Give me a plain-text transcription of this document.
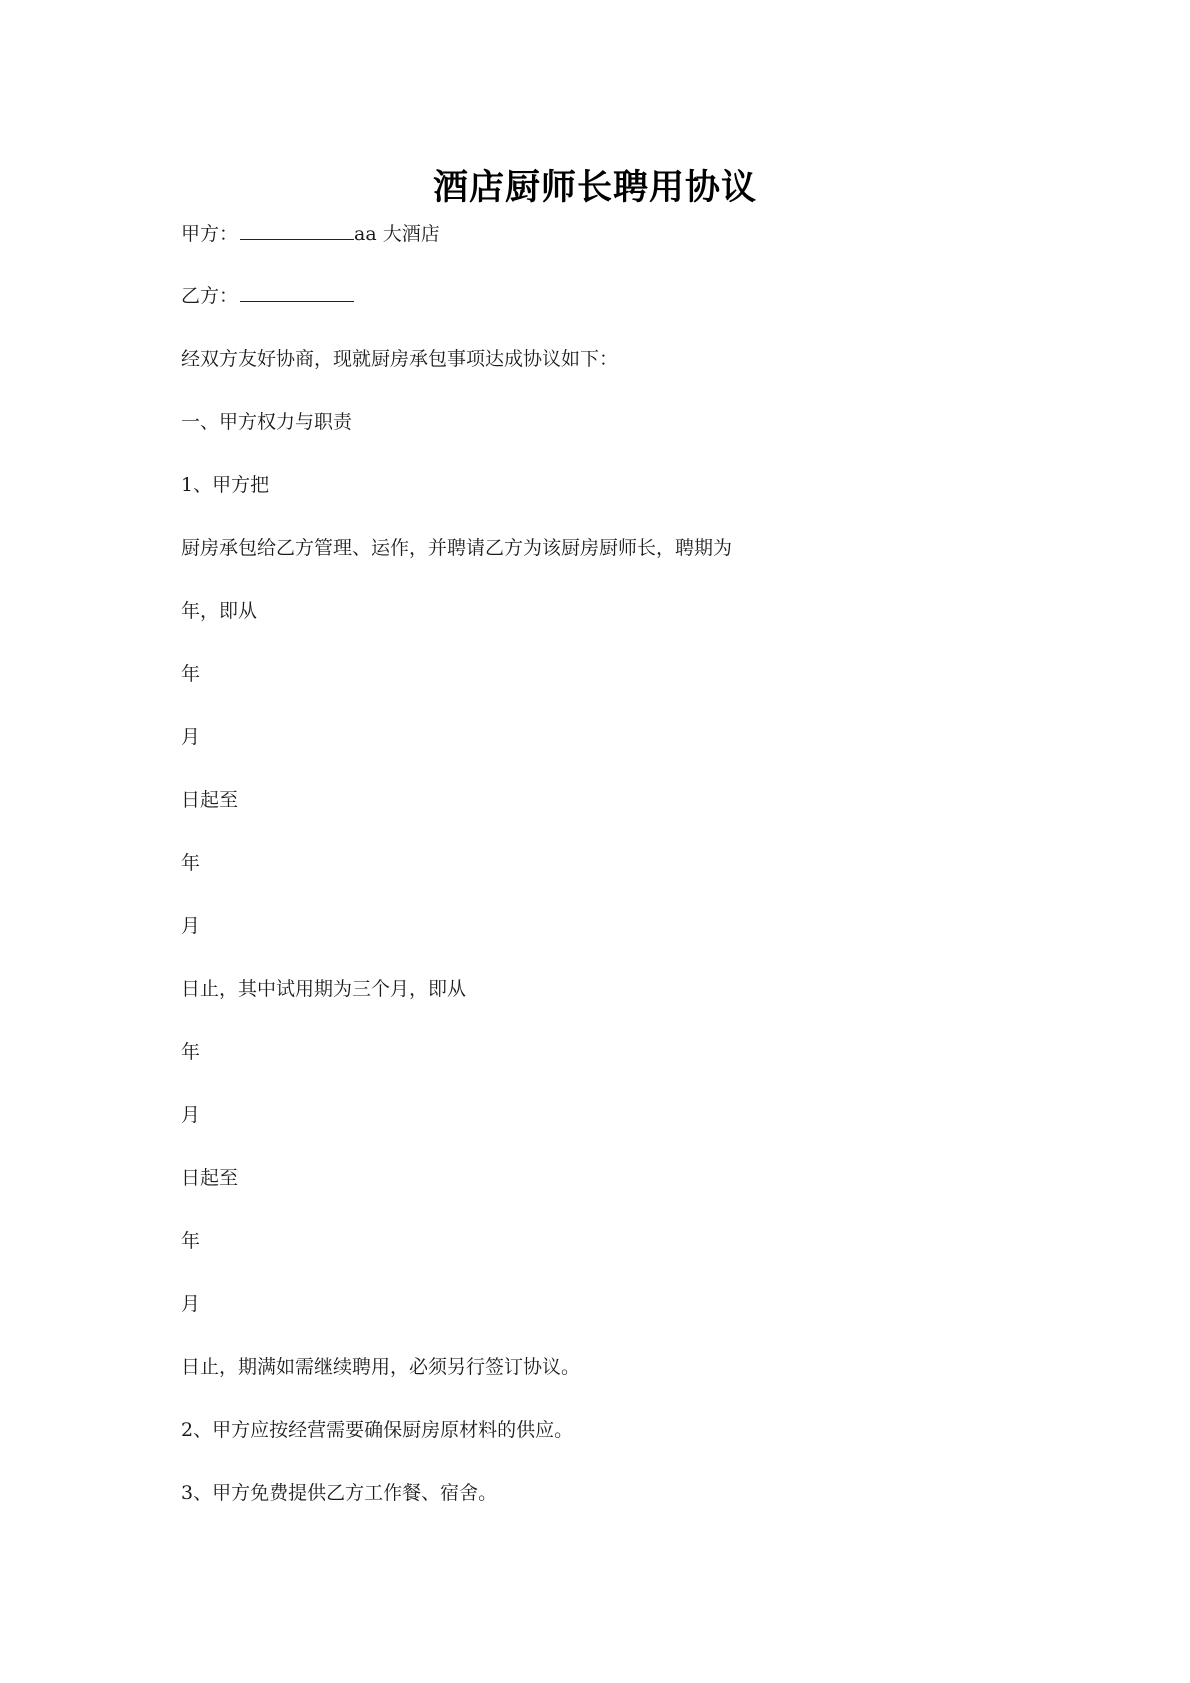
酒店厨师长聘用协议
甲方：	aa 大酒店
乙方：
经双方友好协商，现就厨房承包事项达成协议如下：
一、甲方权力与职责
1、甲方把
厨房承包给乙方管理、运作，并聘请乙方为该厨房厨师长，聘期为
年，即从
年
月
日起至
年
月
日止，其中试用期为三个月，即从
年
月
日起至
年
月
日止，期满如需继续聘用，必须另行签订协议。
2、甲方应按经营需要确保厨房原材料的供应。
3、甲方免费提供乙方工作餐、宿舍。
